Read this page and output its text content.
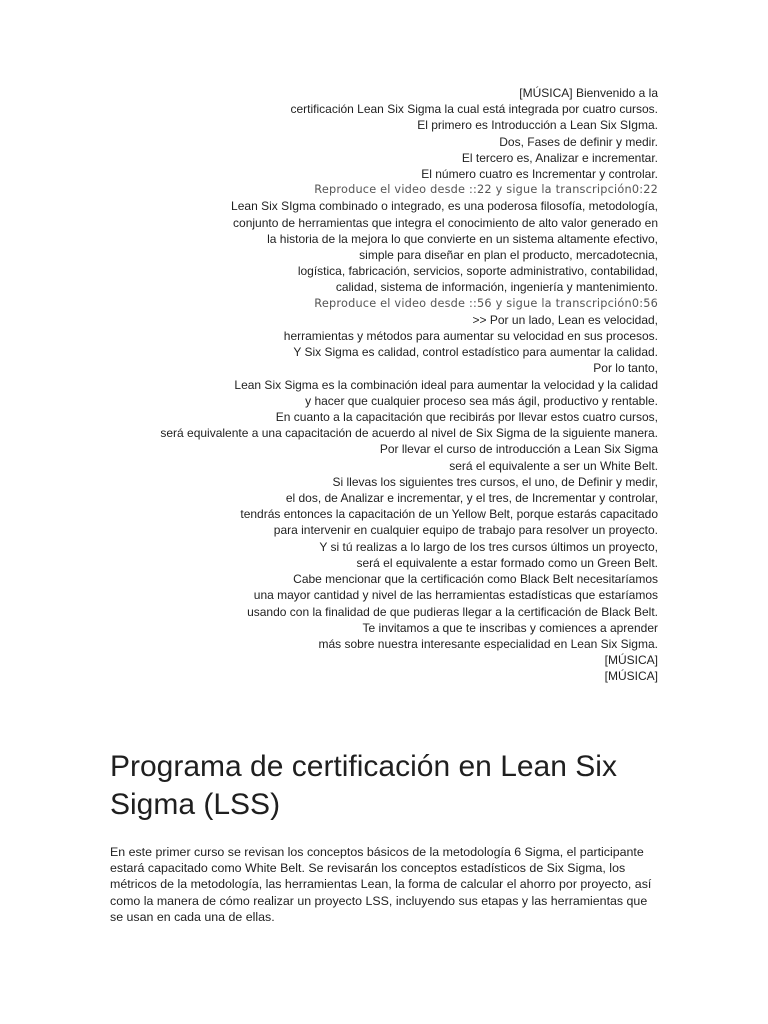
[MÚSICA] Bienvenido a la
certificación Lean Six Sigma la cual está integrada por cuatro cursos.
El primero es Introducción a Lean Six SIgma.
Dos, Fases de definir y medir.
El tercero es, Analizar e incrementar.
El número cuatro es Incrementar y controlar.
Reproduce el video desde ::22 y sigue la transcripción0:22
Lean Six SIgma combinado o integrado, es una poderosa filosofía, metodología,
conjunto de herramientas que integra el conocimiento de alto valor generado en
la historia de la mejora lo que convierte en un sistema altamente efectivo,
simple para diseñar en plan el producto, mercadotecnia,
logística, fabricación, servicios, soporte administrativo, contabilidad,
calidad, sistema de información, ingeniería y mantenimiento.
Reproduce el video desde ::56 y sigue la transcripción0:56
>> Por un lado, Lean es velocidad,
herramientas y métodos para aumentar su velocidad en sus procesos.
Y Six Sigma es calidad, control estadístico para aumentar la calidad.
Por lo tanto,
Lean Six Sigma es la combinación ideal para aumentar la velocidad y la calidad
y hacer que cualquier proceso sea más ágil, productivo y rentable.
En cuanto a la capacitación que recibirás por llevar estos cuatro cursos,
será equivalente a una capacitación de acuerdo al nivel de Six Sigma de la siguiente manera.
Por llevar el curso de introducción a Lean Six Sigma
será el equivalente a ser un White Belt.
Si llevas los siguientes tres cursos, el uno, de Definir y medir,
el dos, de Analizar e incrementar, y el tres, de Incrementar y controlar,
tendrás entonces la capacitación de un Yellow Belt, porque estarás capacitado
para intervenir en cualquier equipo de trabajo para resolver un proyecto.
Y si tú realizas a lo largo de los tres cursos últimos un proyecto,
será el equivalente a estar formado como un Green Belt.
Cabe mencionar que la certificación como Black Belt necesitaríamos
una mayor cantidad y nivel de las herramientas estadísticas que estaríamos
usando con la finalidad de que pudieras llegar a la certificación de Black Belt.
Te invitamos a que te inscribas y comiences a aprender
más sobre nuestra interesante especialidad en Lean Six Sigma.
[MÚSICA]
[MÚSICA]
Programa de certificación en Lean Six Sigma (LSS)

En este primer curso se revisan los conceptos básicos de la metodología 6 Sigma, el participante estará capacitado como White Belt. Se revisarán los conceptos estadísticos de Six Sigma, los métricos de la metodología, las herramientas Lean, la forma de calcular el ahorro por proyecto, así como la manera de cómo realizar un proyecto LSS, incluyendo sus etapas y las herramientas que se usan en cada una de ellas.
